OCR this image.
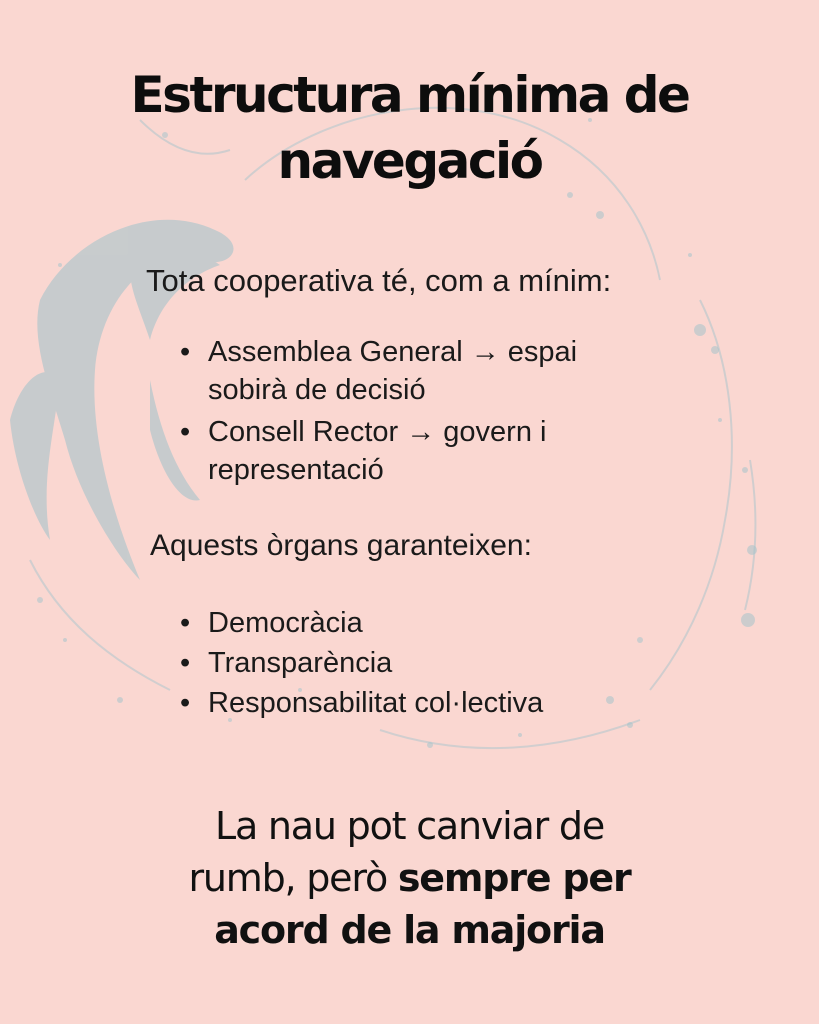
Estructura mínima de
navegació

Tota cooperativa té, com a mínim:

• Assemblea General → espai
sobirà de decisió
• Consell Rector → govern i
representació

Aquests òrgans garanteixen:

• Democràcia
• Transparència
• Responsabilitat col·lectiva

La nau pot canviar de
rumb, però sempre per
acord de la majoria
